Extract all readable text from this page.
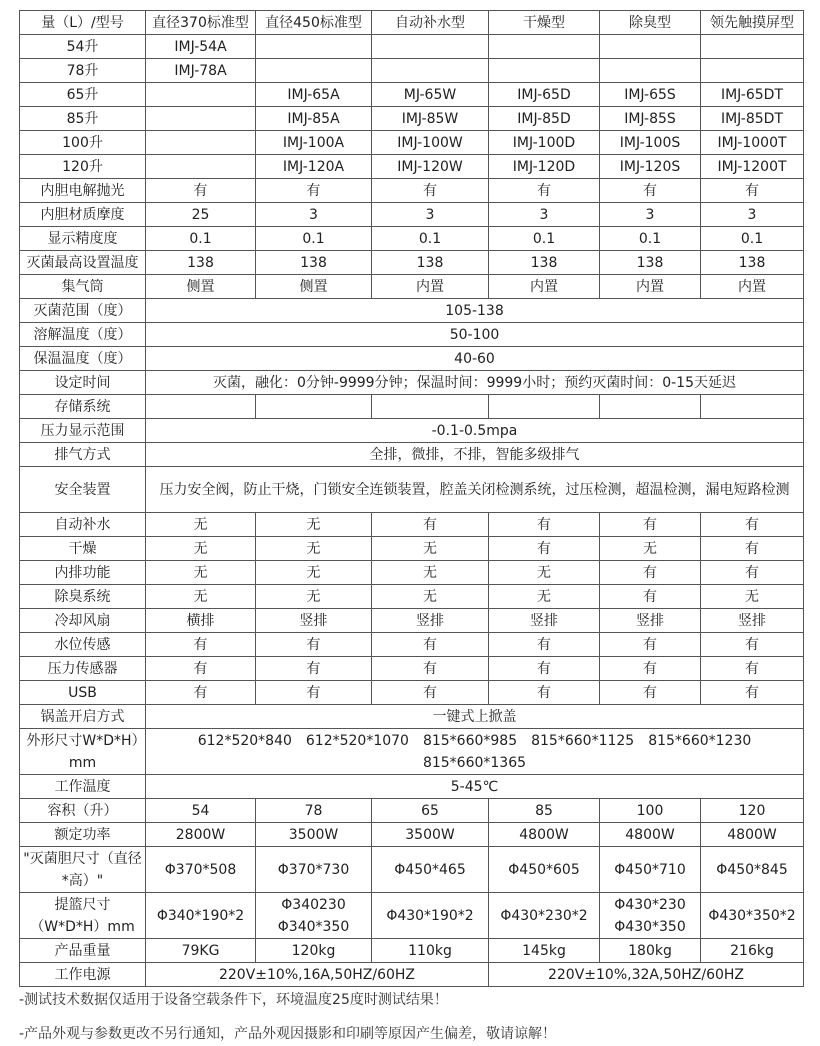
量（L）/型号	直径370标准型	直径450标准型	自动补水型	干燥型	除臭型	领先触摸屏型
54升	IMJ-54A					
78升	IMJ-78A					
65升		IMJ-65A	MJ-65W	IMJ-65D	IMJ-65S	IMJ-65DT
85升		IMJ-85A	IMJ-85W	IMJ-85D	IMJ-85S	IMJ-85DT
100升		IMJ-100A	IMJ-100W	IMJ-100D	IMJ-100S	IMJ-1000T
120升		IMJ-120A	IMJ-120W	IMJ-120D	IMJ-120S	IMJ-1200T
内胆电解抛光	有	有	有	有	有	有
内胆材质摩度	25	3	3	3	3	3
显示精度度	0.1	0.1	0.1	0.1	0.1	0.1
灭菌最高设置温度	138	138	138	138	138	138
集气筒	侧置	侧置	内置	内置	内置	内置
灭菌范围（度）	105-138					
溶解温度（度）	50-100					
保温温度（度）	40-60					
设定时间	灭菌，融化：0分钟-9999分钟；保温时间：9999小时；预约灭菌时间：0-15天延迟					
存储系统						
压力显示范围	-0.1-0.5mpa					
排气方式	全排，微排，不排，智能多级排气					
安全装置	压力安全阀，防止干烧，门锁安全连锁装置，腔盖关闭检测系统，过压检测，超温检测，漏电短路检测					
自动补水	无	无	有	有	有	有
干燥	无	无	无	有	无	有
内排功能	无	无	无	无	有	有
除臭系统	无	无	无	无	有	无
冷却风扇	横排	竖排	竖排	竖排	竖排	竖排
水位传感	有	有	有	有	有	有
压力传感器	有	有	有	有	有	有
USB	有	有	有	有	有	有
锅盖开启方式	一键式上掀盖					
外形尺寸W*D*H）mm	612*520*840　612*520*1070　815*660*985　815*660*1125　815*660*1230　815*660*1365					
工作温度	5-45℃					
容积（升）	54	78	65	85	100	120
额定功率	2800W	3500W	3500W	4800W	4800W	4800W
"灭菌胆尺寸（直径*高）"	Φ370*508	Φ370*730	Φ450*465	Φ450*605	Φ450*710	Φ450*845
提篮尺寸（W*D*H）mm	Φ340*190*2	Φ340230 Φ340*350	Φ430*190*2	Φ430*230*2	Φ430*230 Φ430*350	Φ430*350*2
产品重量	79KG	120kg	110kg	145kg	180kg	216kg
工作电源	220V±10%,16A,50HZ/60HZ			220V±10%,32A,50HZ/60HZ		

-测试技术数据仅适用于设备空载条件下，环境温度25度时测试结果！

-产品外观与参数更改不另行通知，产品外观因摄影和印刷等原因产生偏差，敬请谅解！
